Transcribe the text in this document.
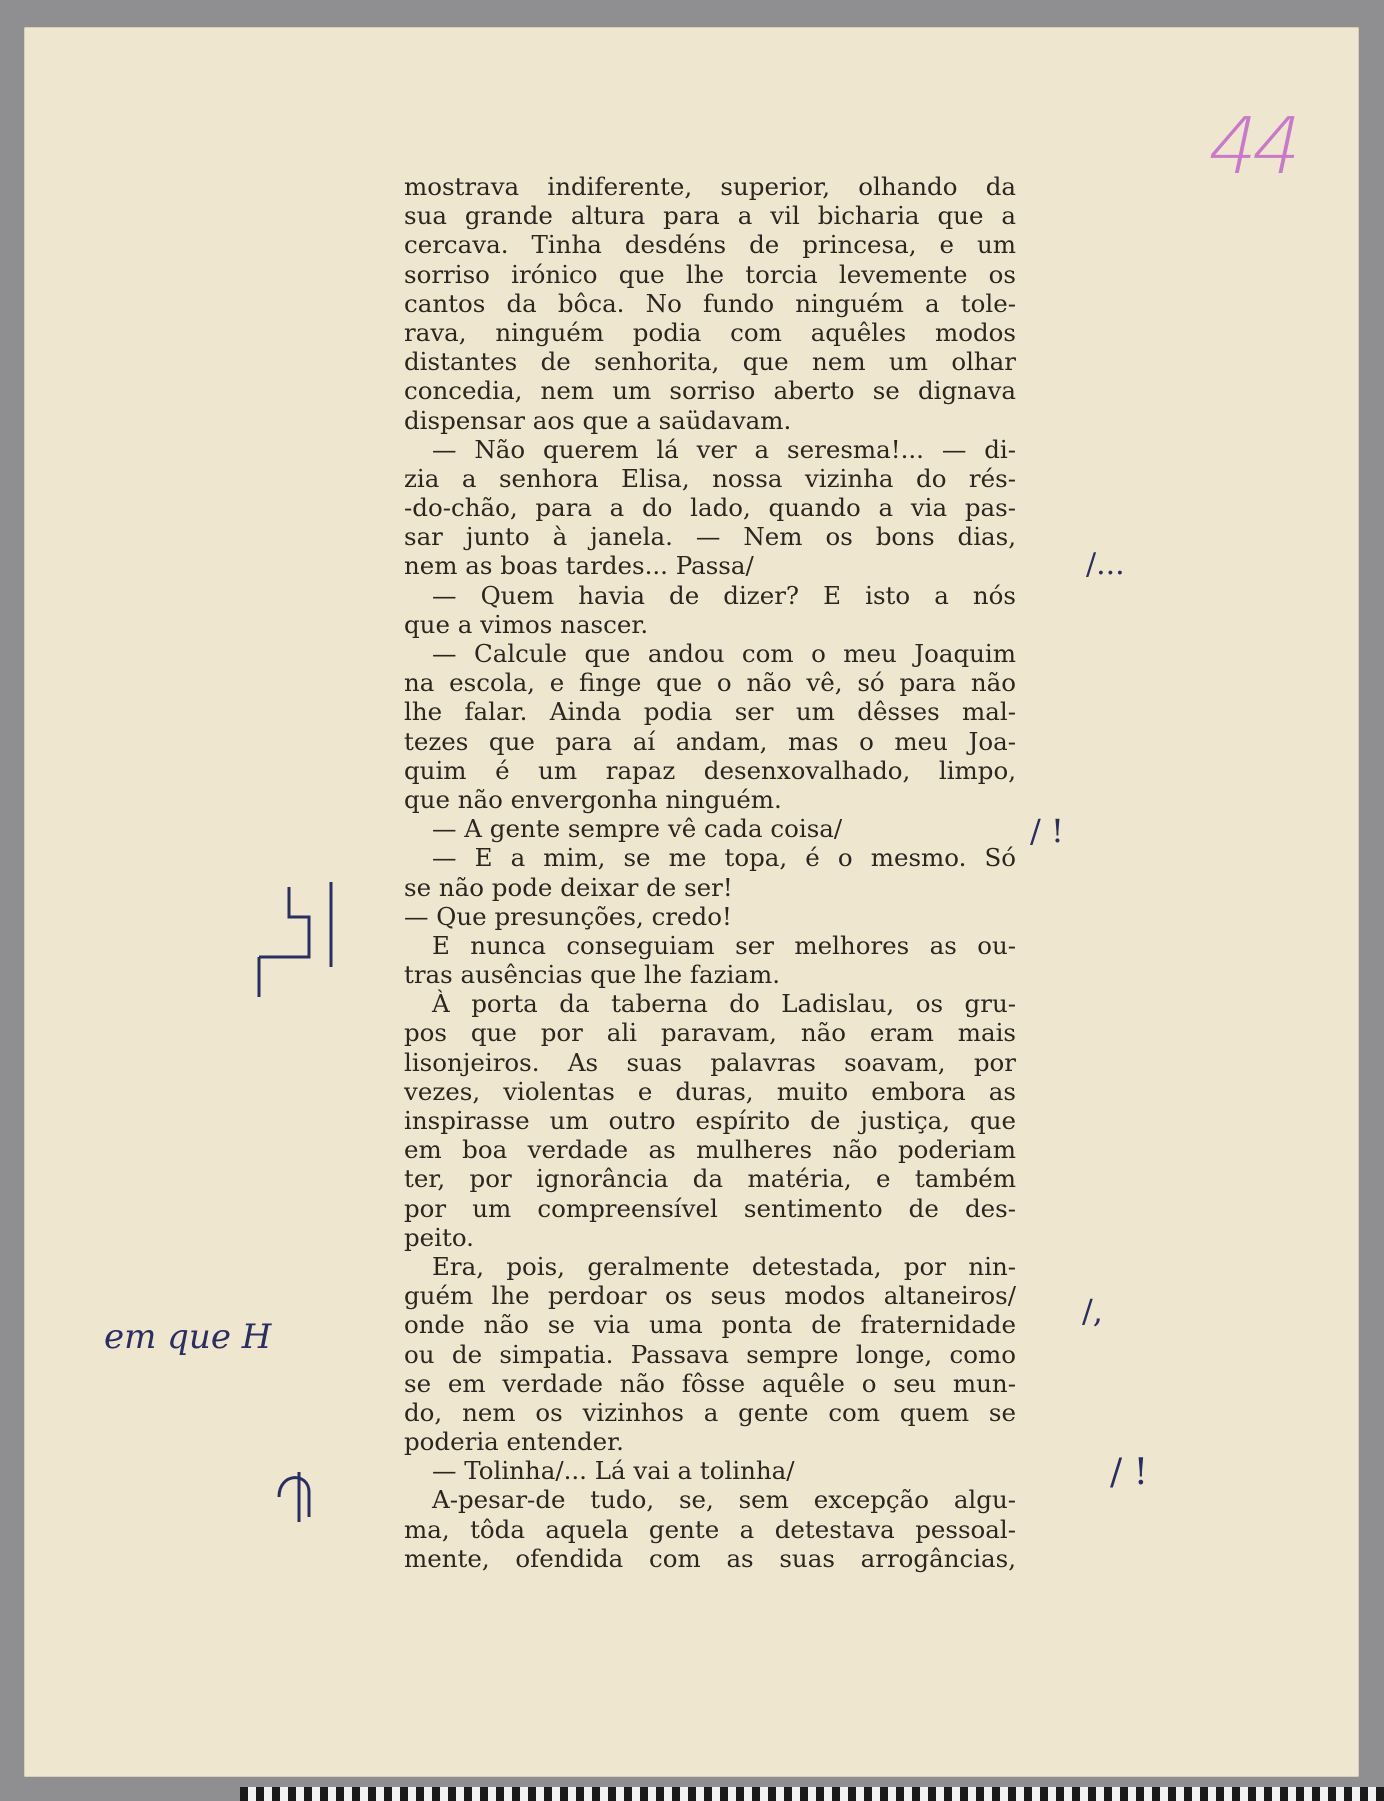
44
mostrava indiferente, superior, olhando da
sua grande altura para a vil bicharia que a
cercava. Tinha desdéns de princesa, e um
sorriso irónico que lhe torcia levemente os
cantos da bôca. No fundo ninguém a tole-
rava, ninguém podia com aquêles modos
distantes de senhorita, que nem um olhar
concedia, nem um sorriso aberto se dignava
dispensar aos que a saüdavam.
— Não querem lá ver a seresma!... — di-
zia a senhora Elisa, nossa vizinha do rés-
-do-chão, para a do lado, quando a via pas-
sar junto à janela. — Nem os bons dias,
nem as boas tardes... Passa/
— Quem havia de dizer? E isto a nós
que a vimos nascer.
— Calcule que andou com o meu Joaquim
na escola, e finge que o não vê, só para não
lhe falar. Ainda podia ser um dêsses mal-
tezes que para aí andam, mas o meu Joa-
quim é um rapaz desenxovalhado, limpo,
que não envergonha ninguém.
— A gente sempre vê cada coisa/
— E a mim, se me topa, é o mesmo. Só
se não pode deixar de ser!
— Que presunções, credo!
E nunca conseguiam ser melhores as ou-
tras ausências que lhe faziam.
À porta da taberna do Ladislau, os gru-
pos que por ali paravam, não eram mais
lisonjeiros. As suas palavras soavam, por
vezes, violentas e duras, muito embora as
inspirasse um outro espírito de justiça, que
em boa verdade as mulheres não poderiam
ter, por ignorância da matéria, e também
por um compreensível sentimento de des-
peito.
Era, pois, geralmente detestada, por nin-
guém lhe perdoar os seus modos altaneiros/
onde não se via uma ponta de fraternidade
ou de simpatia. Passava sempre longe, como
se em verdade não fôsse aquêle o seu mun-
do, nem os vizinhos a gente com quem se
poderia entender.
— Tolinha/... Lá vai a tolinha/
A-pesar-de tudo, se, sem excepção algu-
ma, tôda aquela gente a detestava pessoal-
mente, ofendida com as suas arrogâncias,
/...
/ !
/,
/ !
em que H
